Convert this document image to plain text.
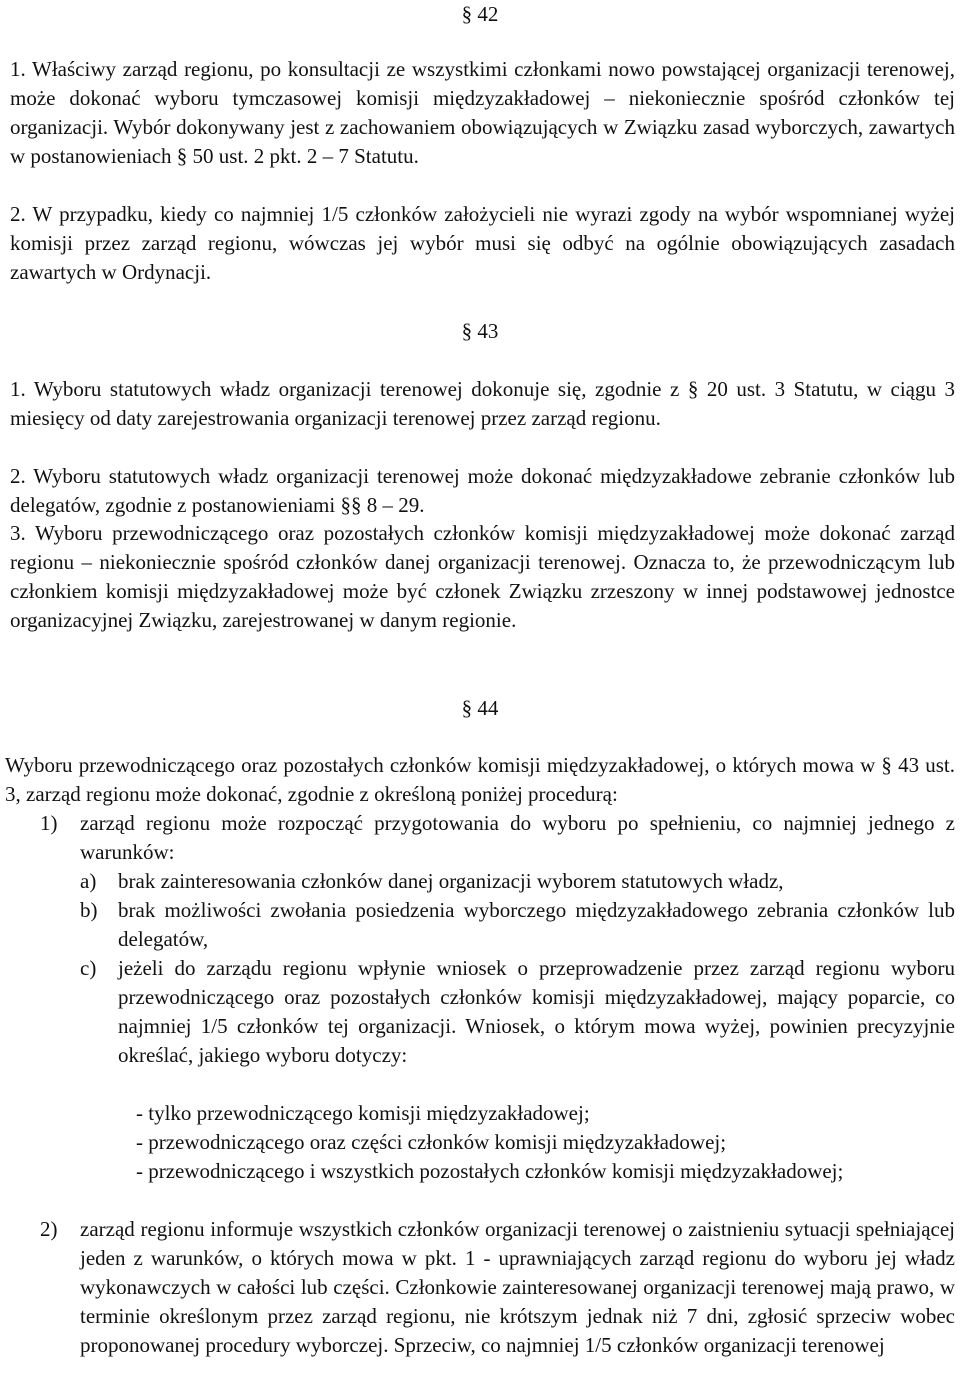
§ 42

1. Właściwy zarząd regionu, po konsultacji ze wszystkimi członkami nowo powstającej organizacji terenowej, może dokonać wyboru tymczasowej komisji międzyzakładowej – niekoniecznie spośród członków tej organizacji. Wybór dokonywany jest z zachowaniem obowiązujących w Związku zasad wyborczych, zawartych w postanowieniach § 50 ust. 2 pkt. 2 – 7 Statutu.

2. W przypadku, kiedy co najmniej 1/5 członków założycieli nie wyrazi zgody na wybór wspomnianej wyżej komisji przez zarząd regionu, wówczas jej wybór musi się odbyć na ogólnie obowiązujących zasadach zawartych w Ordynacji.

§ 43

1. Wyboru statutowych władz organizacji terenowej dokonuje się, zgodnie z § 20 ust. 3 Statutu, w ciągu 3 miesięcy od daty zarejestrowania organizacji terenowej przez zarząd regionu.

2. Wyboru statutowych władz organizacji terenowej może dokonać międzyzakładowe zebranie członków lub delegatów, zgodnie z postanowieniami §§ 8 – 29.

3. Wyboru przewodniczącego oraz pozostałych członków komisji międzyzakładowej może dokonać zarząd regionu – niekoniecznie spośród członków danej organizacji terenowej. Oznacza to, że przewodniczącym lub członkiem komisji międzyzakładowej może być członek Związku zrzeszony w innej podstawowej jednostce organizacyjnej Związku, zarejestrowanej w danym regionie.

§ 44

Wyboru przewodniczącego oraz pozostałych członków komisji międzyzakładowej, o których mowa w § 43 ust. 3, zarząd regionu może dokonać, zgodnie z określoną poniżej procedurą:

1) zarząd regionu może rozpocząć przygotowania do wyboru po spełnieniu, co najmniej jednego z warunków:

a) brak zainteresowania członków danej organizacji wyborem statutowych władz,

b) brak możliwości zwołania posiedzenia wyborczego międzyzakładowego zebrania członków lub delegatów,

c) jeżeli do zarządu regionu wpłynie wniosek o przeprowadzenie przez zarząd regionu wyboru przewodniczącego oraz pozostałych członków komisji międzyzakładowej, mający poparcie, co najmniej 1/5 członków tej organizacji. Wniosek, o którym mowa wyżej, powinien precyzyjnie określać, jakiego wyboru dotyczy:

- tylko przewodniczącego komisji międzyzakładowej;

- przewodniczącego oraz części członków komisji międzyzakładowej;

- przewodniczącego i wszystkich pozostałych członków komisji międzyzakładowej;

2) zarząd regionu informuje wszystkich członków organizacji terenowej o zaistnieniu sytuacji spełniającej jeden z warunków, o których mowa w pkt. 1 - uprawniających zarząd regionu do wyboru jej władz wykonawczych w całości lub części. Członkowie zainteresowanej organizacji terenowej mają prawo, w terminie określonym przez zarząd regionu, nie krótszym jednak niż 7 dni, zgłosić sprzeciw wobec proponowanej procedury wyborczej. Sprzeciw, co najmniej 1/5 członków organizacji terenowej
